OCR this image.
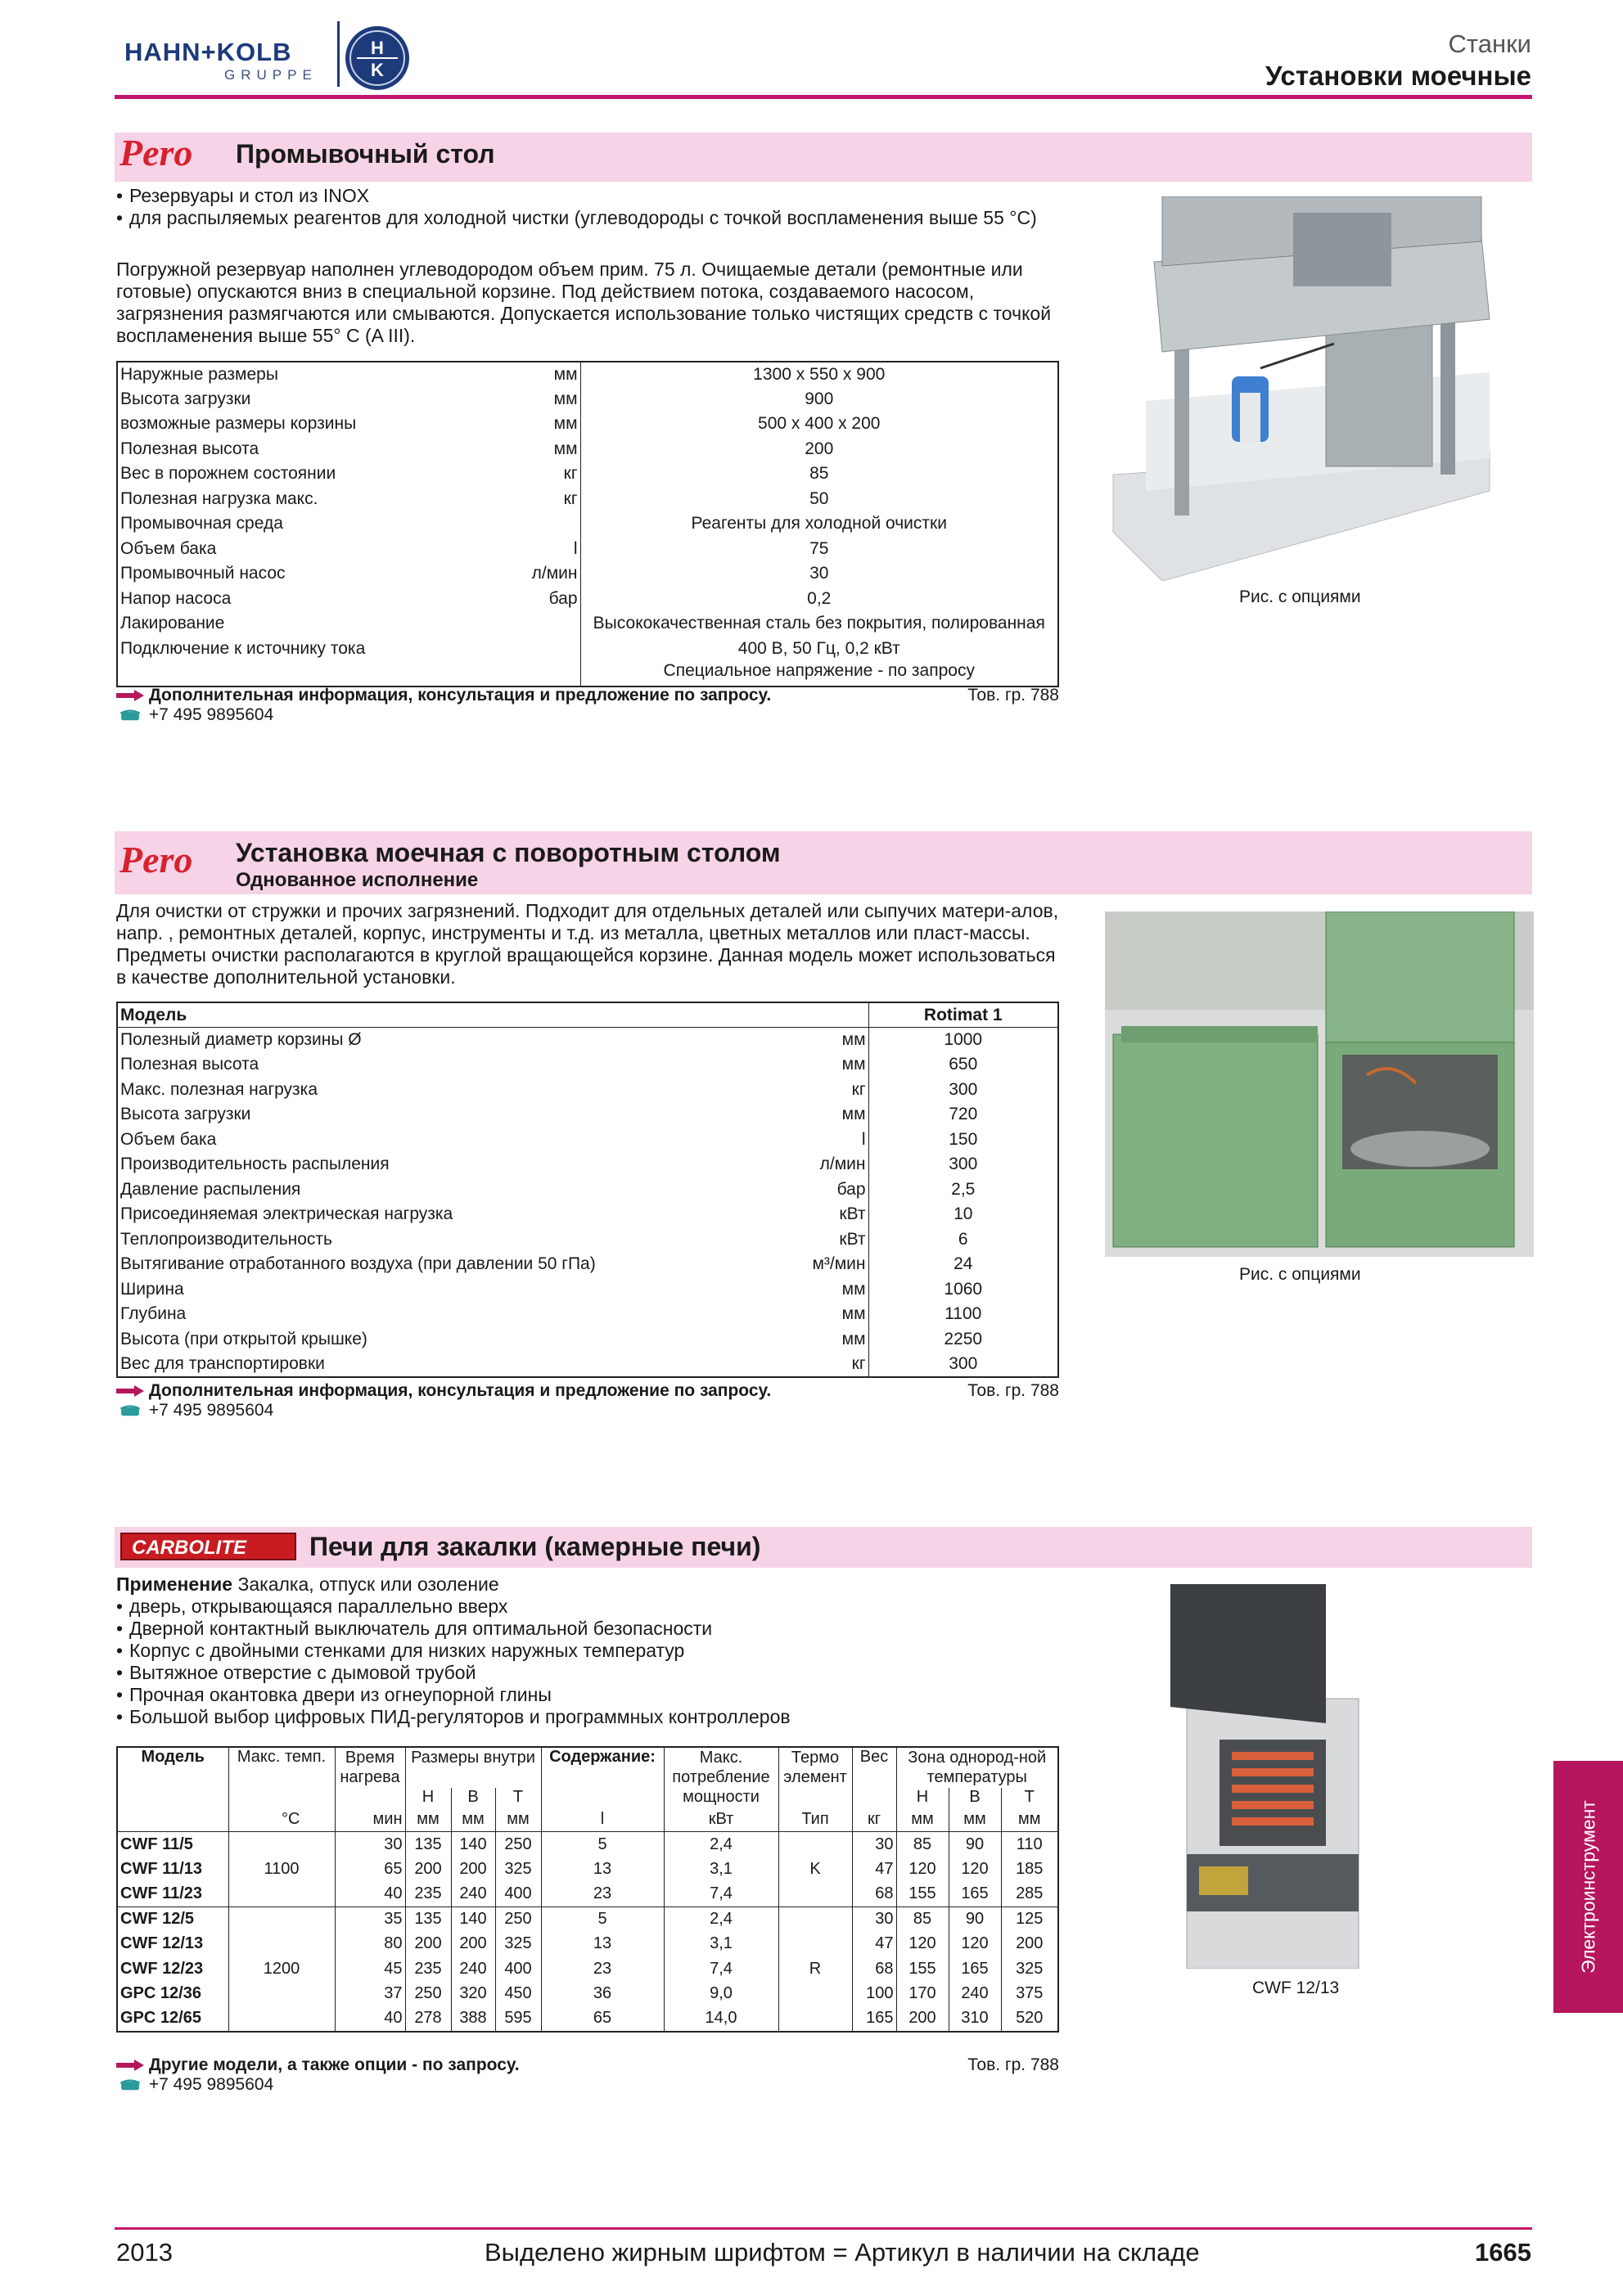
HAHN+KOLB
GRUPPE
H
K
Станки
Установки моечные
Pero Промывочный стол
• Резервуары и стол из INOX
• для распыляемых реагентов для холодной чистки (углеводороды с точкой воспламенения выше 55 °C)
Погружной резервуар наполнен углеводородом объем прим. 75 л. Очищаемые детали (ремонтные или готовые) опускаются вниз в специальной корзине. Под действием потока, создаваемого насосом, загрязнения размягчаются или смываются. Допускается использование только чистящих средств с точкой воспламенения выше 55° C (A III).
Наружные размеры	мм	1300 x 550 x 900
Высота загрузки	мм	900
возможные размеры корзины	мм	500 x 400 x 200
Полезная высота	мм	200
Вес в порожнем состоянии	кг	85
Полезная нагрузка макс.	кг	50
Промывочная среда		Реагенты для холодной очистки
Объем бака	l	75
Промывочный насос	л/мин	30
Напор насоса	бар	0,2
Лакирование		Высококачественная сталь без покрытия, полированная
Подключение к источнику тока		400 В, 50 Гц, 0,2 кВт
		Специальное напряжение - по запросу
Дополнительная информация, консультация и предложение по запросу.	Тов. гр. 788
+7 495 9895604
Рис. с опциями
Pero Установка моечная с поворотным столом
Однованное исполнение
Для очистки от стружки и прочих загрязнений. Подходит для отдельных деталей или сыпучих матери-алов, напр. , ремонтных деталей, корпус, инструменты и т.д. из металла, цветных металлов или пласт-массы. Предметы очистки располагаются в круглой вращающейся корзине. Данная модель может использоваться в качестве дополнительной установки.
Модель		Rotimat 1
Полезный диаметр корзины Ø	мм	1000
Полезная высота	мм	650
Макс. полезная нагрузка	кг	300
Высота загрузки	мм	720
Объем бака	l	150
Производительность распыления	л/мин	300
Давление распыления	бар	2,5
Присоединяемая электрическая нагрузка	кВт	10
Теплопроизводительность	кВт	6
Вытягивание отработанного воздуха (при давлении 50 гПа)	м³/мин	24
Ширина	мм	1060
Глубина	мм	1100
Высота (при открытой крышке)	мм	2250
Вес для транспортировки	кг	300
Дополнительная информация, консультация и предложение по запросу.	Тов. гр. 788
+7 495 9895604
Рис. с опциями
CARBOLITE	Печи для закалки (камерные печи)
Применение Закалка, отпуск или озоление
• дверь, открывающаяся параллельно вверх
• Дверной контактный выключатель для оптимальной безопасности
• Корпус с двойными стенками для низких наружных температур
• Вытяжное отверстие с дымовой трубой
• Прочная окантовка двери из огнеупорной глины
• Большой выбор цифровых ПИД-регуляторов и программных контроллеров
Модель	Макс. темп.	Время нагрева	Размеры внутри			Содержание:	Макс. потребление мощности	Термо элемент	Вес	Зона однород-ной температуры		

			Н	В	Т					Н	В	Т
	°C	мин	мм	мм	мм	l	кВт	Тип	кг	мм	мм	мм
CWF 11/5	1100	30	135	140	250	5	2,4	K	30	85	90	110
CWF 11/13		65	200	200	325	13	3,1		47	120	120	185
CWF 11/23		40	235	240	400	23	7,4		68	155	165	285
CWF 12/5	1200	35	135	140	250	5	2,4	R	30	85	90	125
CWF 12/13		80	200	200	325	13	3,1		47	120	120	200
CWF 12/23		45	235	240	400	23	7,4		68	155	165	325
GPC 12/36		37	250	320	450	36	9,0		100	170	240	375
GPC 12/65		40	278	388	595	65	14,0		165	200	310	520
Другие модели, а также опции - по запросу.	Тов. гр. 788
+7 495 9895604
CWF 12/13
Электроинструмент
2013	Выделено жирным шрифтом = Артикул в наличии на складе	1665
